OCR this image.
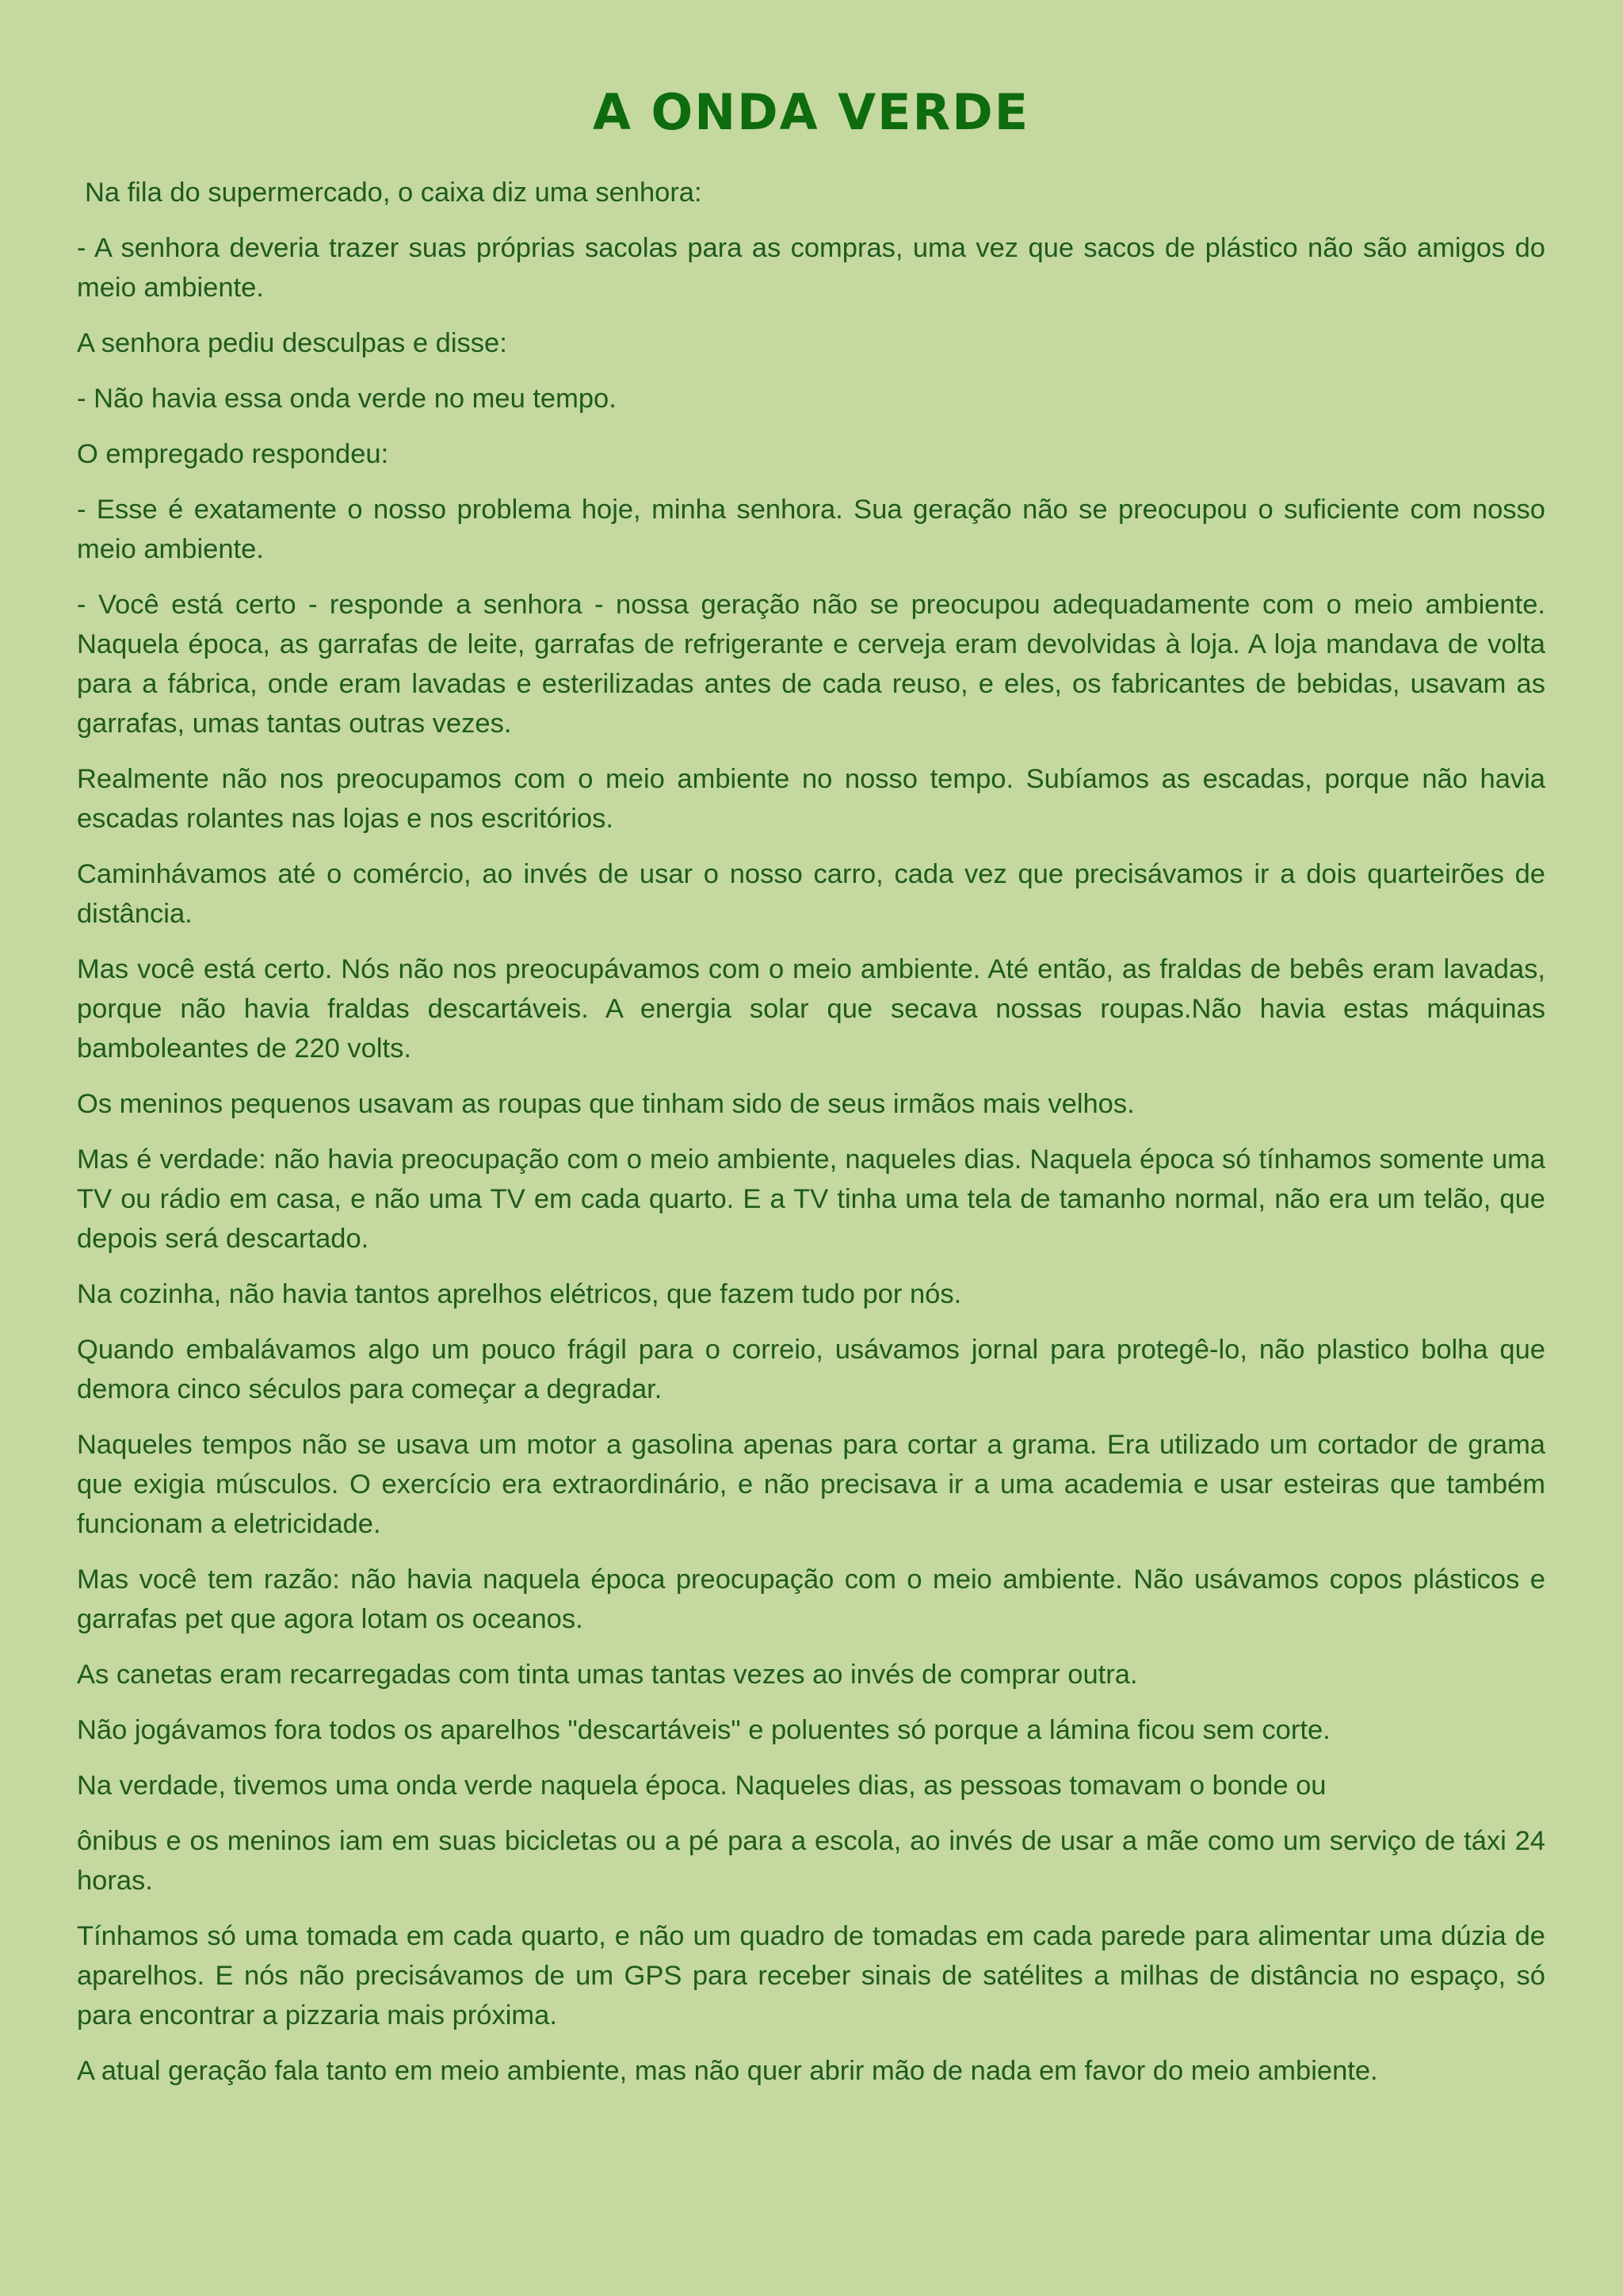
A ONDA VERDE

Na fila do supermercado, o caixa diz uma senhora:

- A senhora deveria trazer suas próprias sacolas para as compras, uma vez que sacos de plástico não são amigos do meio ambiente.

A senhora pediu desculpas e disse:

- Não havia essa onda verde no meu tempo.

O empregado respondeu:

- Esse é exatamente o nosso problema hoje, minha senhora. Sua geração não se preocupou o suficiente com nosso meio ambiente.

- Você está certo - responde a senhora - nossa geração não se preocupou adequadamente com o meio ambiente. Naquela época, as garrafas de leite, garrafas de refrigerante e cerveja eram devolvidas à loja. A loja mandava de volta para a fábrica, onde eram lavadas e esterilizadas antes de cada reuso, e eles, os fabricantes de bebidas, usavam as garrafas, umas tantas outras vezes.

Realmente não nos preocupamos com o meio ambiente no nosso tempo. Subíamos as escadas, porque não havia escadas rolantes nas lojas e nos escritórios.

Caminhávamos até o comércio, ao invés de usar o nosso carro, cada vez que precisávamos ir a dois quarteirões de distância.

Mas você está certo. Nós não nos preocupávamos com o meio ambiente. Até então, as fraldas de bebês eram lavadas, porque não havia fraldas descartáveis. A energia solar que secava nossas roupas.Não havia estas máquinas bamboleantes de 220 volts.

Os meninos pequenos usavam as roupas que tinham sido de seus irmãos mais velhos.

Mas é verdade: não havia preocupação com o meio ambiente, naqueles dias. Naquela época só tínhamos somente uma TV ou rádio em casa, e não uma TV em cada quarto. E a TV tinha uma tela de tamanho normal, não era um telão, que depois será descartado.

Na cozinha, não havia tantos aprelhos elétricos, que fazem tudo por nós.

Quando embalávamos algo um pouco frágil para o correio, usávamos jornal para protegê-lo, não plastico bolha que demora cinco séculos para começar a degradar.

Naqueles tempos não se usava um motor a gasolina apenas para cortar a grama. Era utilizado um cortador de grama que exigia músculos. O exercício era extraordinário, e não precisava ir a uma academia e usar esteiras que também funcionam a eletricidade.

Mas você tem razão: não havia naquela época preocupação com o meio ambiente. Não usávamos copos plásticos e garrafas pet que agora lotam os oceanos.

As canetas eram recarregadas com tinta umas tantas vezes ao invés de comprar outra.

Não jogávamos fora todos os aparelhos "descartáveis" e poluentes só porque a lámina ficou sem corte.

Na verdade, tivemos uma onda verde naquela época. Naqueles dias, as pessoas tomavam o bonde ou

ônibus e os meninos iam em suas bicicletas ou a pé para a escola, ao invés de usar a mãe como um serviço de táxi 24 horas.

Tínhamos só uma tomada em cada quarto, e não um quadro de tomadas em cada parede para alimentar uma dúzia de aparelhos. E nós não precisávamos de um GPS para receber sinais de satélites a milhas de distância no espaço, só para encontrar a pizzaria mais próxima.

A atual geração fala tanto em meio ambiente, mas não quer abrir mão de nada em favor do meio ambiente.
